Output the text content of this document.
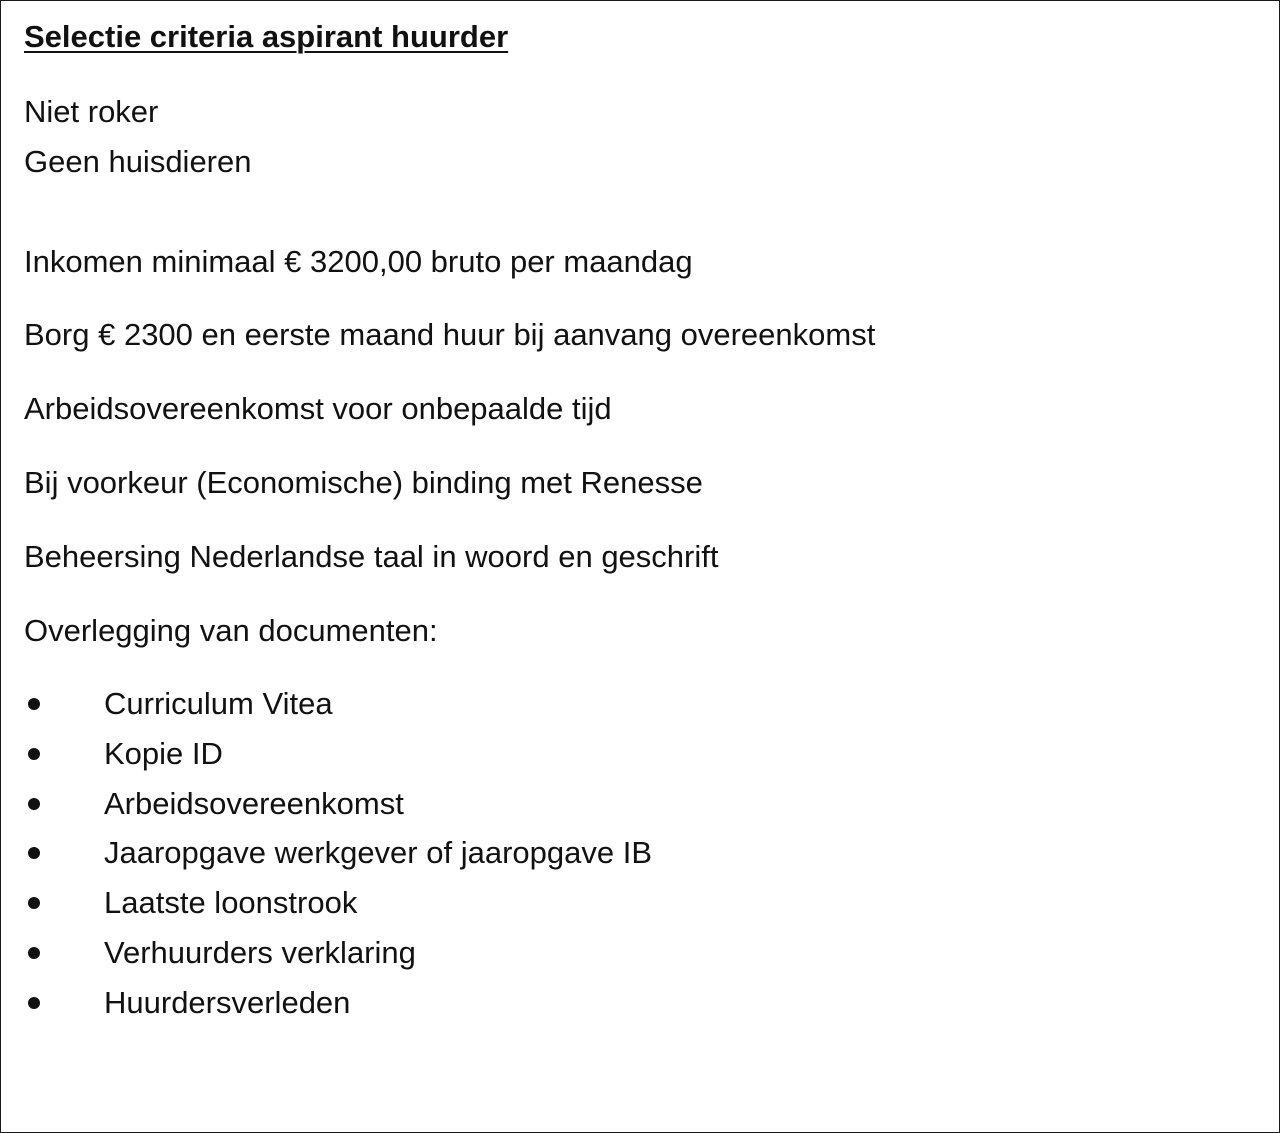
Selectie criteria aspirant huurder
Niet roker
Geen huisdieren
Inkomen minimaal € 3200,00 bruto per maandag
Borg € 2300 en eerste maand huur bij aanvang overeenkomst
Arbeidsovereenkomst voor onbepaalde tijd
Bij voorkeur (Economische) binding met Renesse
Beheersing Nederlandse taal in woord en geschrift
Overlegging van documenten:
Curriculum Vitea
Kopie ID
Arbeidsovereenkomst
Jaaropgave werkgever of jaaropgave IB
Laatste loonstrook
Verhuurders verklaring
Huurdersverleden
